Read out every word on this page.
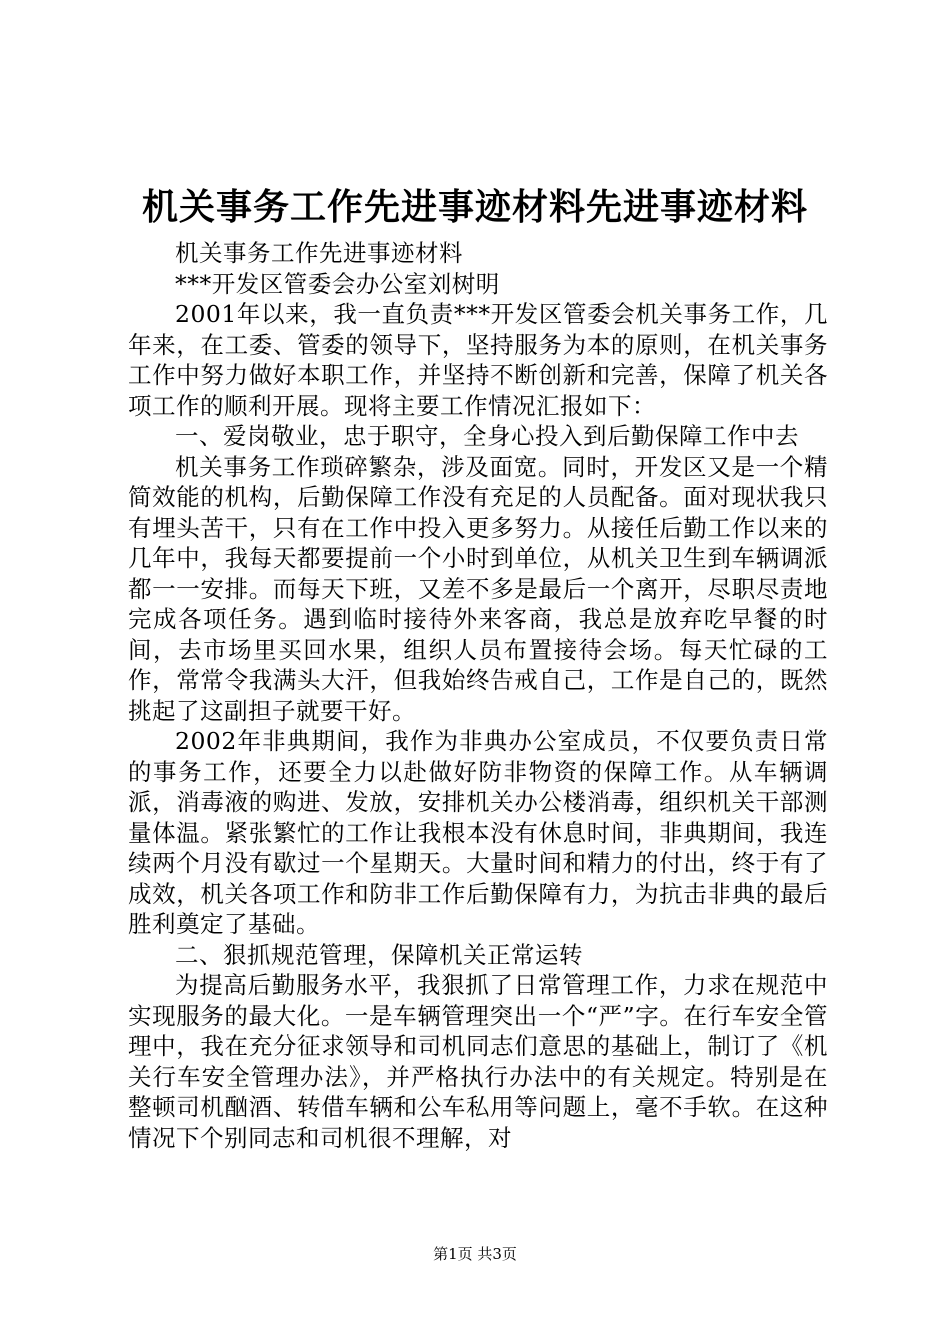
机关事务工作先进事迹材料先进事迹材料

机关事务工作先进事迹材料

***开发区管委会办公室刘树明

2001年以来，我一直负责***开发区管委会机关事务工作，几年来，在工委、管委的领导下，坚持服务为本的原则，在机关事务工作中努力做好本职工作，并坚持不断创新和完善，保障了机关各项工作的顺利开展。现将主要工作情况汇报如下：

一、爱岗敬业，忠于职守，全身心投入到后勤保障工作中去

机关事务工作琐碎繁杂，涉及面宽。同时，开发区又是一个精简效能的机构，后勤保障工作没有充足的人员配备。面对现状我只有埋头苦干，只有在工作中投入更多努力。从接任后勤工作以来的几年中，我每天都要提前一个小时到单位，从机关卫生到车辆调派都一一安排。而每天下班，又差不多是最后一个离开，尽职尽责地完成各项任务。遇到临时接待外来客商，我总是放弃吃早餐的时间，去市场里买回水果，组织人员布置接待会场。每天忙碌的工作，常常令我满头大汗，但我始终告戒自己，工作是自己的，既然挑起了这副担子就要干好。

2002年非典期间，我作为非典办公室成员，不仅要负责日常的事务工作，还要全力以赴做好防非物资的保障工作。从车辆调派，消毒液的购进、发放，安排机关办公楼消毒，组织机关干部测量体温。紧张繁忙的工作让我根本没有休息时间，非典期间，我连续两个月没有歇过一个星期天。大量时间和精力的付出，终于有了成效，机关各项工作和防非工作后勤保障有力，为抗击非典的最后胜利奠定了基础。

二、狠抓规范管理，保障机关正常运转

为提高后勤服务水平，我狠抓了日常管理工作，力求在规范中实现服务的最大化。一是车辆管理突出一个“严”字。在行车安全管理中，我在充分征求领导和司机同志们意思的基础上，制订了《机关行车安全管理办法》，并严格执行办法中的有关规定。特别是在整顿司机酗酒、转借车辆和公车私用等问题上，毫不手软。在这种情况下个别同志和司机很不理解，对

第1页 共3页
